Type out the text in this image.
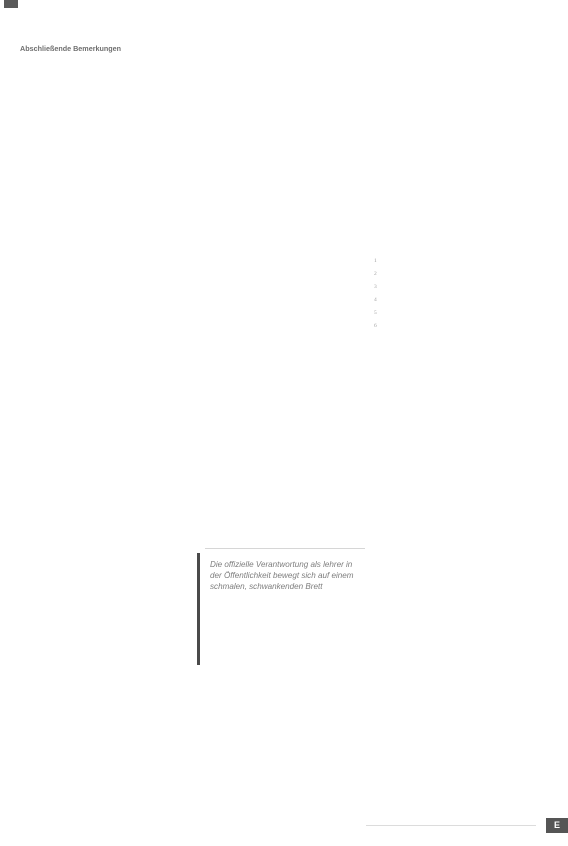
Abschließende Bemerkungen

Die offizielle Verantwortung als lehrer in der Öffentlichkeit bewegt sich auf einem schmalen, schwankenden Brett

1
2
3
4
5
6
E
